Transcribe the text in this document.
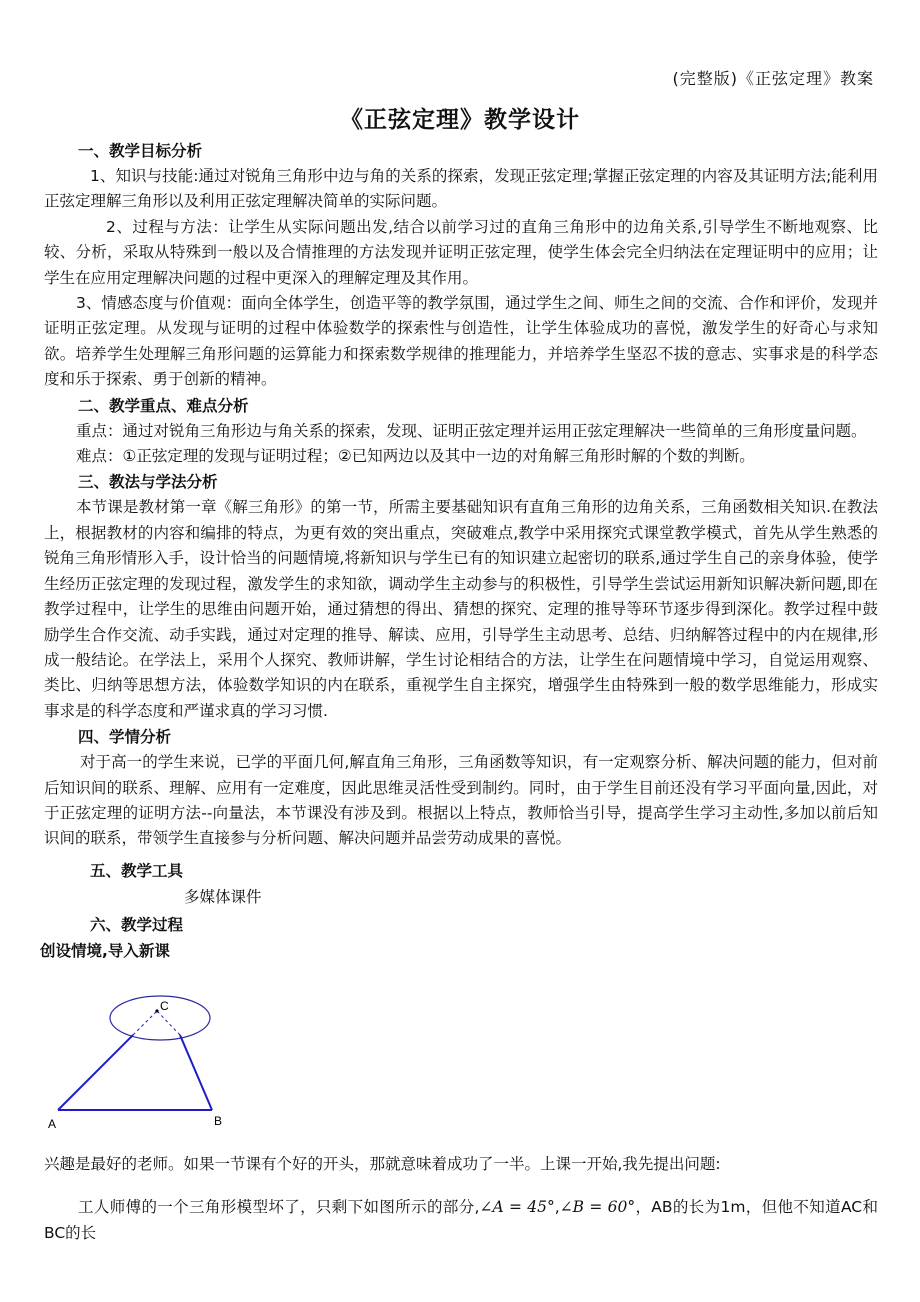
(完整版)《正弦定理》教案
《正弦定理》教学设计
一、教学目标分析

1、知识与技能:通过对锐角三角形中边与角的关系的探索，发现正弦定理;掌握正弦定理的内容及其证明方法;能利用正弦定理解三角形以及利用正弦定理解决简单的实际问题。

2、过程与方法：让学生从实际问题出发,结合以前学习过的直角三角形中的边角关系,引导学生不断地观察、比较、分析，采取从特殊到一般以及合情推理的方法发现并证明正弦定理，使学生体会完全归纳法在定理证明中的应用；让学生在应用定理解决问题的过程中更深入的理解定理及其作用。

3、情感态度与价值观：面向全体学生，创造平等的教学氛围，通过学生之间、师生之间的交流、合作和评价，发现并证明正弦定理。从发现与证明的过程中体验数学的探索性与创造性，让学生体验成功的喜悦，激发学生的好奇心与求知欲。培养学生处理解三角形问题的运算能力和探索数学规律的推理能力，并培养学生坚忍不拔的意志、实事求是的科学态度和乐于探索、勇于创新的精神。

二、教学重点、难点分析

重点：通过对锐角三角形边与角关系的探索，发现、证明正弦定理并运用正弦定理解决一些简单的三角形度量问题。

难点：①正弦定理的发现与证明过程；②已知两边以及其中一边的对角解三角形时解的个数的判断。

三、教法与学法分析

本节课是教材第一章《解三角形》的第一节，所需主要基础知识有直角三角形的边角关系，三角函数相关知识.在教法上，根据教材的内容和编排的特点，为更有效的突出重点，突破难点,教学中采用探究式课堂教学模式，首先从学生熟悉的锐角三角形情形入手，设计恰当的问题情境,将新知识与学生已有的知识建立起密切的联系,通过学生自己的亲身体验，使学生经历正弦定理的发现过程，激发学生的求知欲，调动学生主动参与的积极性，引导学生尝试运用新知识解决新问题,即在教学过程中，让学生的思维由问题开始，通过猜想的得出、猜想的探究、定理的推导等环节逐步得到深化。教学过程中鼓励学生合作交流、动手实践，通过对定理的推导、解读、应用，引导学生主动思考、总结、归纳解答过程中的内在规律,形成一般结论。在学法上，采用个人探究、教师讲解，学生讨论相结合的方法，让学生在问题情境中学习，自觉运用观察、类比、归纳等思想方法，体验数学知识的内在联系，重视学生自主探究，增强学生由特殊到一般的数学思维能力，形成实事求是的科学态度和严谨求真的学习习惯.

四、学情分析

对于高一的学生来说，已学的平面几何,解直角三角形，三角函数等知识，有一定观察分析、解决问题的能力，但对前后知识间的联系、理解、应用有一定难度，因此思维灵活性受到制约。同时，由于学生目前还没有学习平面向量,因此，对于正弦定理的证明方法--向量法，本节课没有涉及到。根据以上特点，教师恰当引导，提高学生学习主动性,多加以前后知识间的联系，带领学生直接参与分析问题、解决问题并品尝劳动成果的喜悦。

五、教学工具
多媒体课件
六、教学过程
创设情境,导入新课
C
A	B

兴趣是最好的老师。如果一节课有个好的开头，那就意味着成功了一半。上课一开始,我先提出问题:

工人师傅的一个三角形模型坏了，只剩下如图所示的部分,∠A = 45°,∠B = 60°，AB的长为1m，但他不知道AC和BC的长
